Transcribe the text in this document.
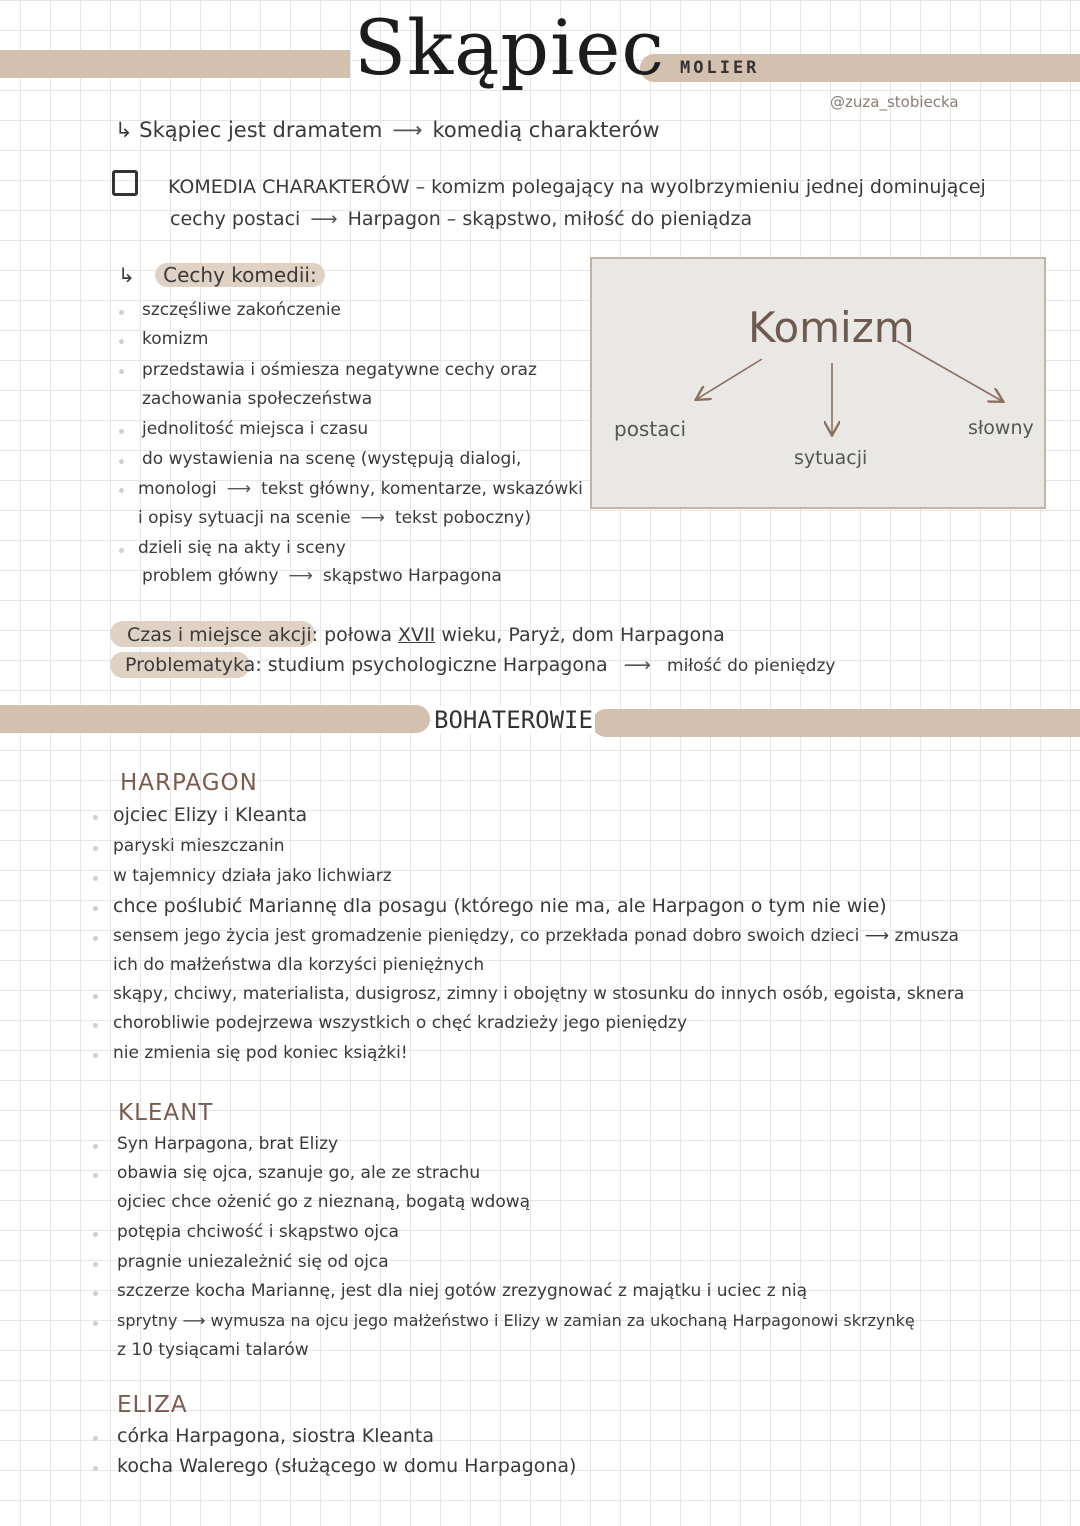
Skąpiec MOLIER
@zuza_stobiecka
↳ Skąpiec jest dramatem ⟶ komedią charakterów
KOMEDIA CHARAKTERÓW – komizm polegający na wyolbrzymieniu jednej dominującej
cechy postaci ⟶ Harpagon – skąpstwo, miłość do pieniądza
↳ Cechy komedii:
szczęśliwe zakończenie
komizm
przedstawia i ośmiesza negatywne cechy oraz
zachowania społeczeństwa
jednolitość miejsca i czasu
do wystawienia na scenę (występują dialogi,
monologi ⟶ tekst główny, komentarze, wskazówki
i opisy sytuacji na scenie ⟶ tekst poboczny)
dzieli się na akty i sceny
problem główny ⟶ skąpstwo Harpagona
Komizm
postaci
sytuacji
słowny
Czas i miejsce akcji: połowa XVII wieku, Paryż, dom Harpagona
Problematyka: studium psychologiczne Harpagona ⟶ miłość do pieniędzy
BOHATEROWIE
HARPAGON
ojciec Elizy i Kleanta
paryski mieszczanin
w tajemnicy działa jako lichwiarz
chce poślubić Mariannę dla posagu (którego nie ma, ale Harpagon o tym nie wie)
sensem jego życia jest gromadzenie pieniędzy, co przekłada ponad dobro swoich dzieci ⟶ zmusza
ich do małżeństwa dla korzyści pieniężnych
skąpy, chciwy, materialista, dusigrosz, zimny i obojętny w stosunku do innych osób, egoista, sknera
chorobliwie podejrzewa wszystkich o chęć kradzieży jego pieniędzy
nie zmienia się pod koniec książki!
KLEANT
Syn Harpagona, brat Elizy
obawia się ojca, szanuje go, ale ze strachu
ojciec chce ożenić go z nieznaną, bogatą wdową
potępia chciwość i skąpstwo ojca
pragnie uniezależnić się od ojca
szczerze kocha Mariannę, jest dla niej gotów zrezygnować z majątku i uciec z nią
sprytny ⟶ wymusza na ojcu jego małżeństwo i Elizy w zamian za ukochaną Harpagonowi skrzynkę
z 10 tysiącami talarów
ELIZA
córka Harpagona, siostra Kleanta
kocha Walerego (służącego w domu Harpagona)
